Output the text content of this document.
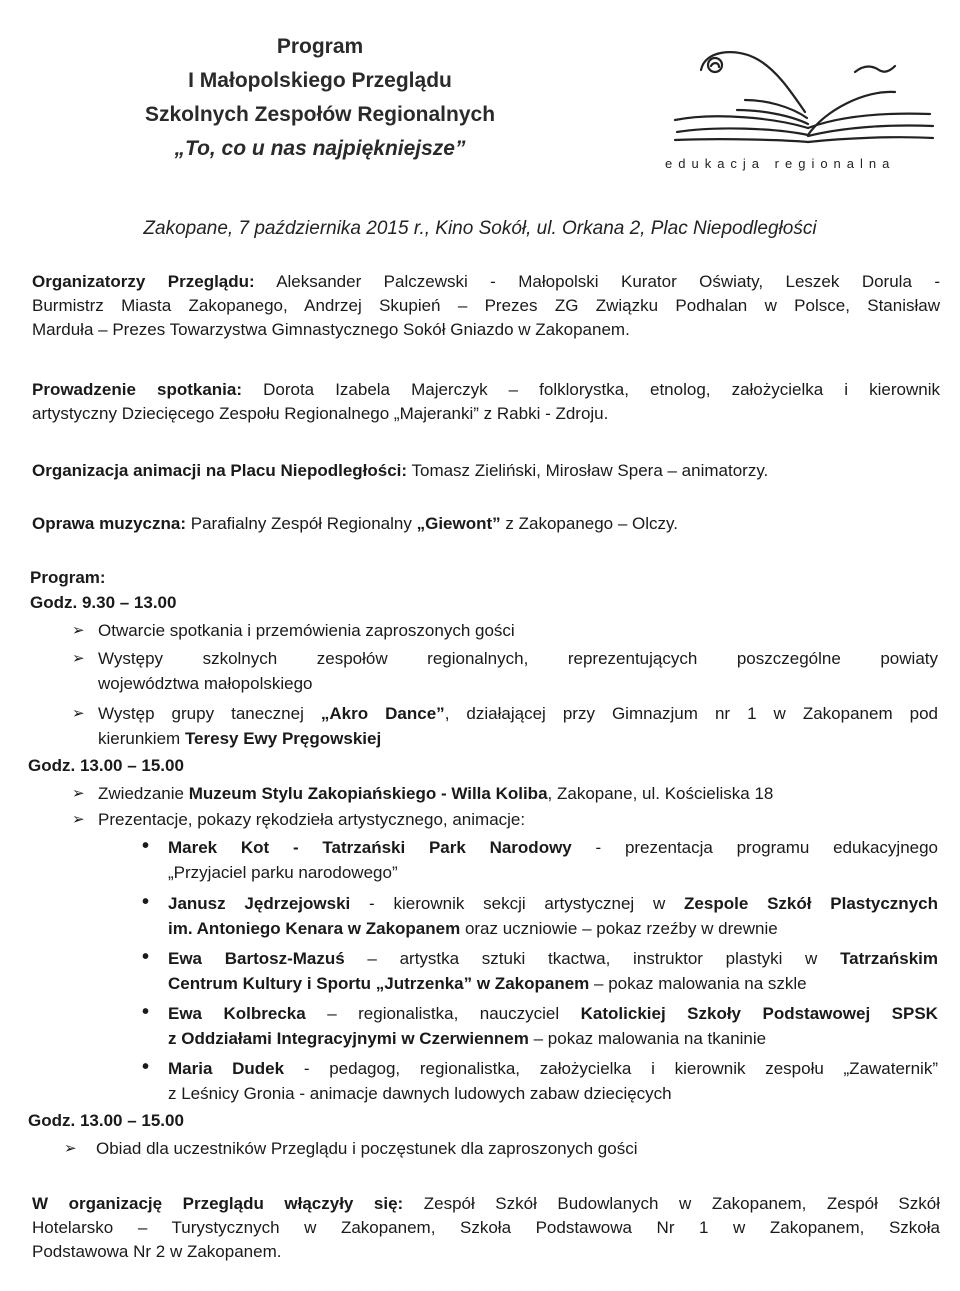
Program
I Małopolskiego Przeglądu
Szkolnych Zespołów Regionalnych
„To, co u nas najpiękniejsze”
edukacja regionalna
Zakopane, 7 października 2015 r., Kino Sokół, ul. Orkana 2, Plac Niepodległości
Organizatorzy Przeglądu: Aleksander Palczewski - Małopolski Kurator Oświaty, Leszek Dorula -
Burmistrz Miasta Zakopanego, Andrzej Skupień – Prezes ZG Związku Podhalan w Polsce, Stanisław
Marduła – Prezes Towarzystwa Gimnastycznego Sokół Gniazdo w Zakopanem.
Prowadzenie spotkania: Dorota Izabela Majerczyk – folklorystka, etnolog, założycielka i kierownik
artystyczny Dziecięcego Zespołu Regionalnego „Majeranki” z Rabki - Zdroju.
Organizacja animacji na Placu Niepodległości: Tomasz Zieliński, Mirosław Spera – animatorzy.
Oprawa muzyczna: Parafialny Zespół Regionalny „Giewont” z Zakopanego – Olczy.
Program:
Godz. 9.30 – 13.00
➢ Otwarcie spotkania i przemówienia zaproszonych gości
➢ Występy szkolnych zespołów regionalnych, reprezentujących poszczególne powiaty
województwa małopolskiego
➢ Występ grupy tanecznej „Akro Dance”, działającej przy Gimnazjum nr 1 w Zakopanem pod
kierunkiem Teresy Ewy Pręgowskiej
Godz. 13.00 – 15.00
➢ Zwiedzanie Muzeum Stylu Zakopiańskiego - Willa Koliba, Zakopane, ul. Kościeliska 18
➢ Prezentacje, pokazy rękodzieła artystycznego, animacje:
• Marek Kot - Tatrzański Park Narodowy - prezentacja programu edukacyjnego
„Przyjaciel parku narodowego”
• Janusz Jędrzejowski - kierownik sekcji artystycznej w Zespole Szkół Plastycznych
im. Antoniego Kenara w Zakopanem oraz uczniowie – pokaz rzeźby w drewnie
• Ewa Bartosz-Mazuś – artystka sztuki tkactwa, instruktor plastyki w Tatrzańskim
Centrum Kultury i Sportu „Jutrzenka” w Zakopanem – pokaz malowania na szkle
• Ewa Kolbrecka – regionalistka, nauczyciel Katolickiej Szkoły Podstawowej SPSK
z Oddziałami Integracyjnymi w Czerwiennem – pokaz malowania na tkaninie
• Maria Dudek - pedagog, regionalistka, założycielka i kierownik zespołu „Zawaternik”
z Leśnicy Gronia - animacje dawnych ludowych zabaw dziecięcych
Godz. 13.00 – 15.00
➢ Obiad dla uczestników Przeglądu i poczęstunek dla zaproszonych gości
W organizację Przeglądu włączyły się: Zespół Szkół Budowlanych w Zakopanem, Zespół Szkół
Hotelarsko – Turystycznych w Zakopanem, Szkoła Podstawowa Nr 1 w Zakopanem, Szkoła
Podstawowa Nr 2 w Zakopanem.
